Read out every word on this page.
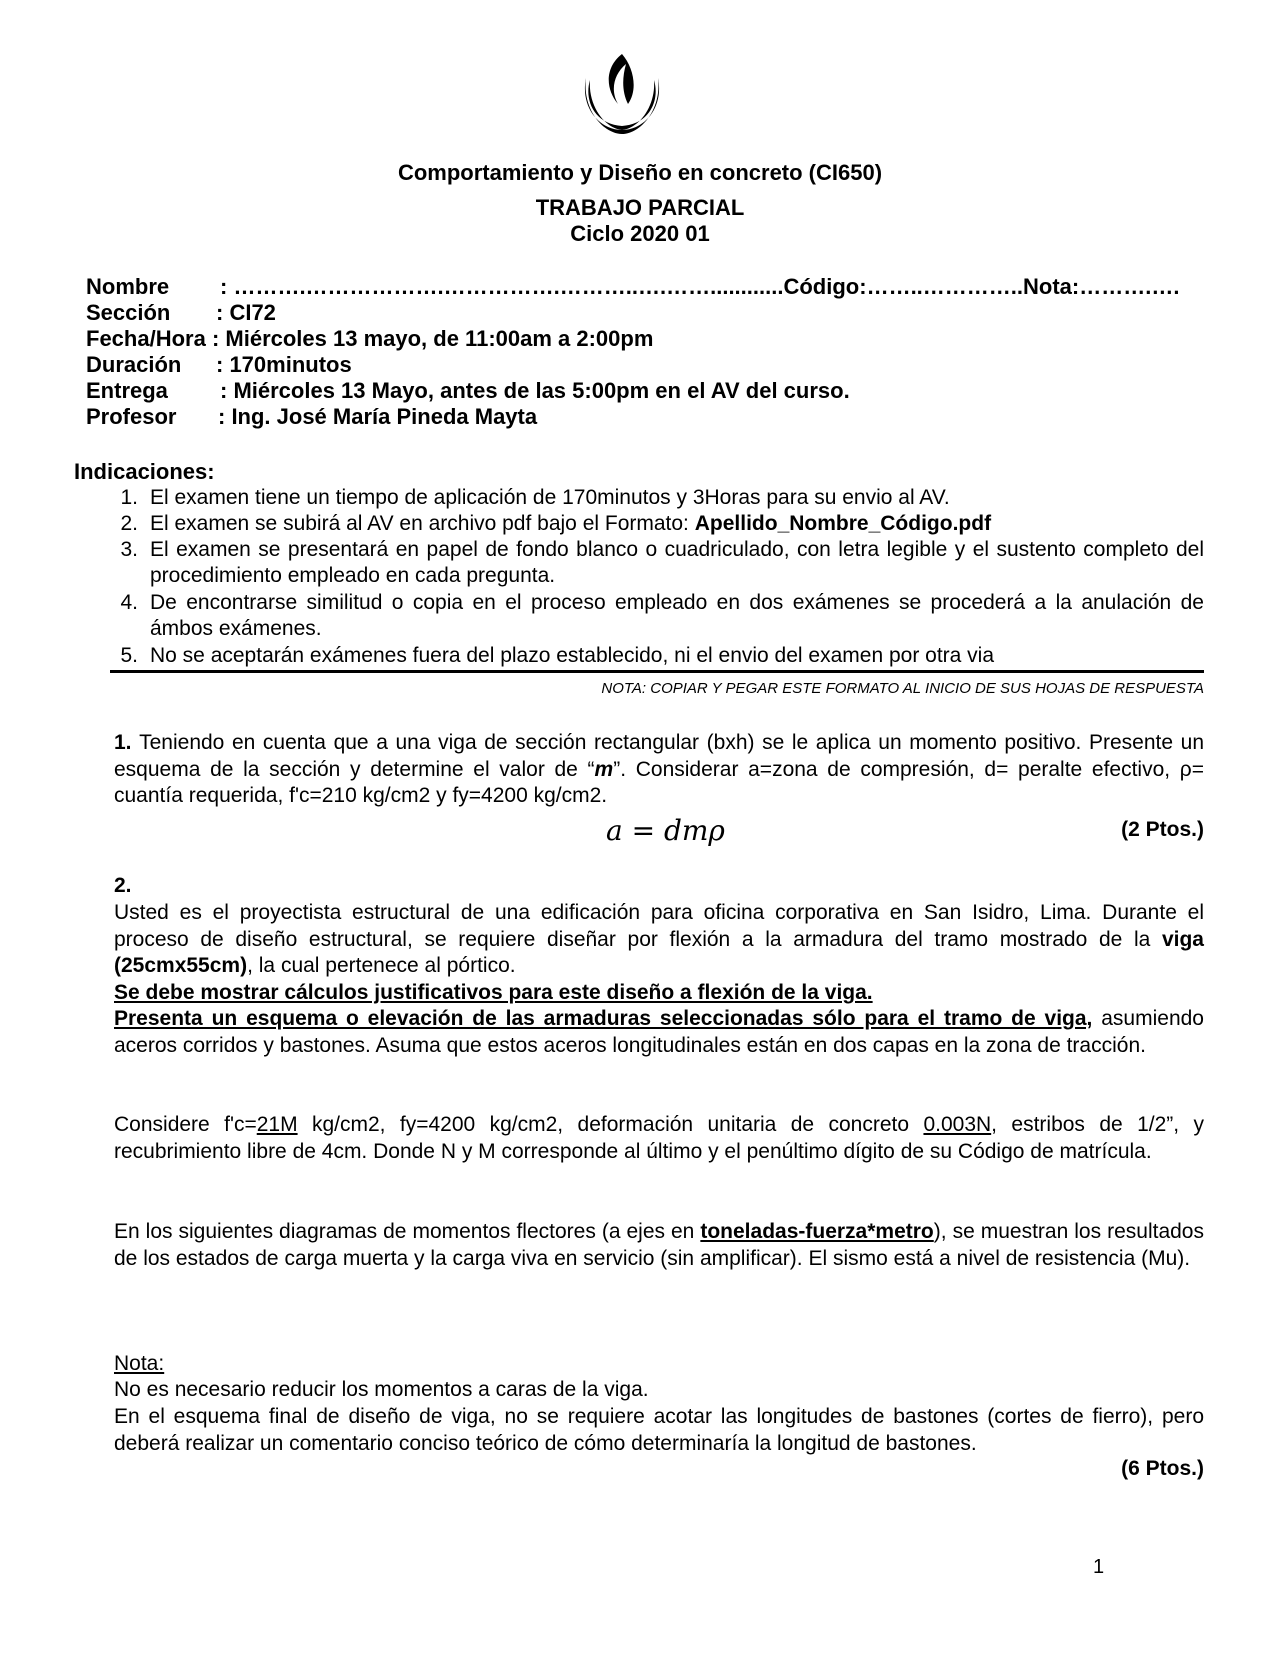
Comportamiento y Diseño en concreto (CI650)
TRABAJO PARCIAL
Ciclo 2020 01
Nombre : ……….……………….…………….………..….……............Código:……..…………..Nota:……….….
Sección : CI72
Fecha/Hora : Miércoles 13 mayo, de 11:00am a 2:00pm
Duración : 170minutos
Entrega : Miércoles 13 Mayo, antes de las 5:00pm en el AV del curso.
Profesor : Ing. José María Pineda Mayta
Indicaciones:
1. El examen tiene un tiempo de aplicación de 170minutos y 3Horas para su envio al AV.
2. El examen se subirá al AV en archivo pdf bajo el Formato: Apellido_Nombre_Código.pdf
3. El examen se presentará en papel de fondo blanco o cuadriculado, con letra legible y el sustento completo del procedimiento empleado en cada pregunta.
4. De encontrarse similitud o copia en el proceso empleado en dos exámenes se procederá a la anulación de ámbos exámenes.
5. No se aceptarán exámenes fuera del plazo establecido, ni el envio del examen por otra via
NOTA: COPIAR Y PEGAR ESTE FORMATO AL INICIO DE SUS HOJAS DE RESPUESTA
1. Teniendo en cuenta que a una viga de sección rectangular (bxh) se le aplica un momento positivo. Presente un esquema de la sección y determine el valor de “m”. Considerar a=zona de compresión, d= peralte efectivo, ρ= cuantía requerida, f'c=210 kg/cm2 y fy=4200 kg/cm2.
a = dmρ	(2 Ptos.)
2.
Usted es el proyectista estructural de una edificación para oficina corporativa en San Isidro, Lima. Durante el proceso de diseño estructural, se requiere diseñar por flexión a la armadura del tramo mostrado de la viga (25cmx55cm), la cual pertenece al pórtico.
Se debe mostrar cálculos justificativos para este diseño a flexión de la viga.
Presenta un esquema o elevación de las armaduras seleccionadas sólo para el tramo de viga, asumiendo aceros corridos y bastones. Asuma que estos aceros longitudinales están en dos capas en la zona de tracción.
Considere f'c=21M kg/cm2, fy=4200 kg/cm2, deformación unitaria de concreto 0.003N, estribos de 1/2”, y recubrimiento libre de 4cm. Donde N y M corresponde al último y el penúltimo dígito de su Código de matrícula.
En los siguientes diagramas de momentos flectores (a ejes en toneladas-fuerza*metro), se muestran los resultados de los estados de carga muerta y la carga viva en servicio (sin amplificar). El sismo está a nivel de resistencia (Mu).
Nota:
No es necesario reducir los momentos a caras de la viga.
En el esquema final de diseño de viga, no se requiere acotar las longitudes de bastones (cortes de fierro), pero deberá realizar un comentario conciso teórico de cómo determinaría la longitud de bastones.
(6 Ptos.)
1
